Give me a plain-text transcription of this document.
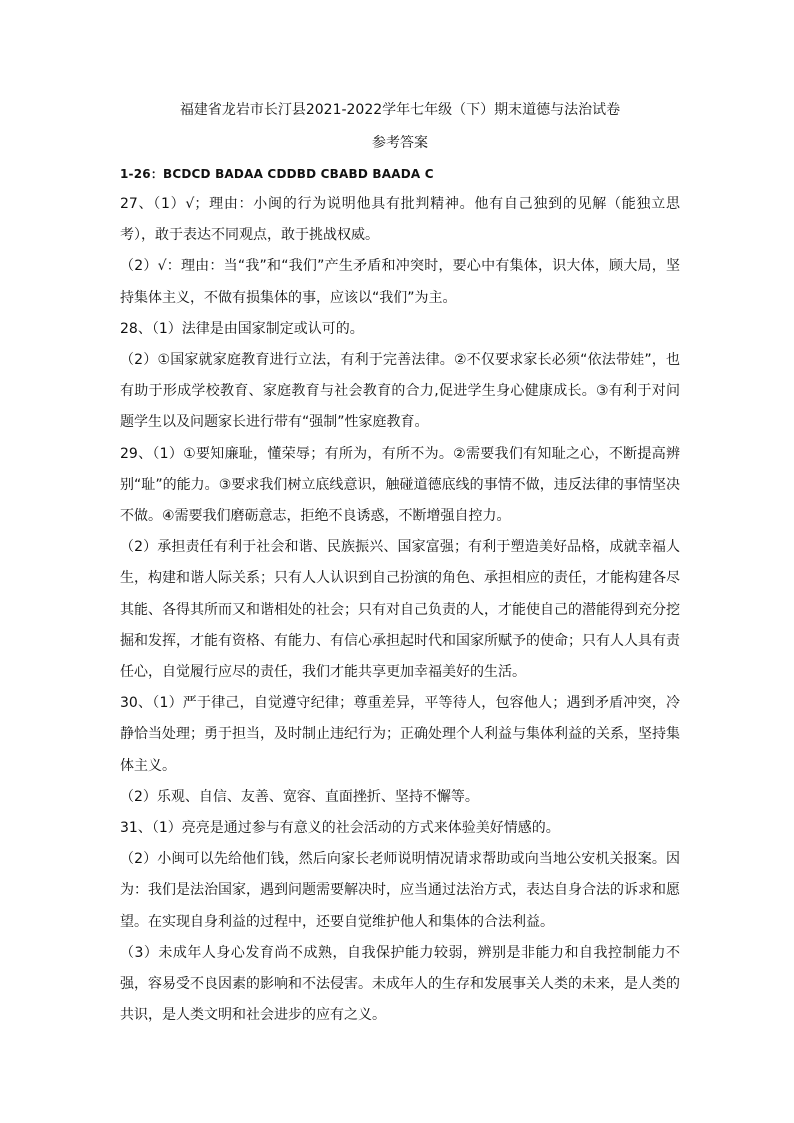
福建省龙岩市长汀县2021-2022学年七年级（下）期末道德与法治试卷
参考答案
1-26：BCDCD BADAA CDDBD CBABD BAADA C

27、（1）√；理由：小闽的行为说明他具有批判精神。他有自己独到的见解（能独立思考），敢于表达不同观点，敢于挑战权威。

（2）√：理由：当“我”和“我们”产生矛盾和冲突时，要心中有集体，识大体，顾大局，坚持集体主义，不做有损集体的事，应该以“我们”为主。

28、（1）法律是由国家制定或认可的。

（2）①国家就家庭教育进行立法，有利于完善法律。②不仅要求家长必须“依法带娃”，也有助于形成学校教育、家庭教育与社会教育的合力,促进学生身心健康成长。③有利于对问题学生以及问题家长进行带有“强制”性家庭教育。

29、（1）①要知廉耻，懂荣辱；有所为，有所不为。②需要我们有知耻之心，不断提高辨别“耻”的能力。③要求我们树立底线意识，触碰道德底线的事情不做，违反法律的事情坚决不做。④需要我们磨砺意志，拒绝不良诱惑，不断增强自控力。

（2）承担责任有利于社会和谐、民族振兴、国家富强；有利于塑造美好品格，成就幸福人生，构建和谐人际关系；只有人人认识到自己扮演的角色、承担相应的责任，才能构建各尽其能、各得其所而又和谐相处的社会；只有对自己负责的人，才能使自己的潜能得到充分挖掘和发挥，才能有资格、有能力、有信心承担起时代和国家所赋予的使命；只有人人具有责任心，自觉履行应尽的责任，我们才能共享更加幸福美好的生活。

30、（1）严于律己，自觉遵守纪律；尊重差异，平等待人，包容他人；遇到矛盾冲突，冷静恰当处理；勇于担当，及时制止违纪行为；正确处理个人利益与集体利益的关系，坚持集体主义。

（2）乐观、自信、友善、宽容、直面挫折、坚持不懈等。

31、（1）亮亮是通过参与有意义的社会活动的方式来体验美好情感的。

（2）小闽可以先给他们钱，然后向家长老师说明情况请求帮助或向当地公安机关报案。因为：我们是法治国家，遇到问题需要解决时，应当通过法治方式，表达自身合法的诉求和愿望。在实现自身利益的过程中，还要自觉维护他人和集体的合法利益。

（3）未成年人身心发育尚不成熟，自我保护能力较弱，辨别是非能力和自我控制能力不强，容易受不良因素的影响和不法侵害。未成年人的生存和发展事关人类的未来，是人类的共识，是人类文明和社会进步的应有之义。
